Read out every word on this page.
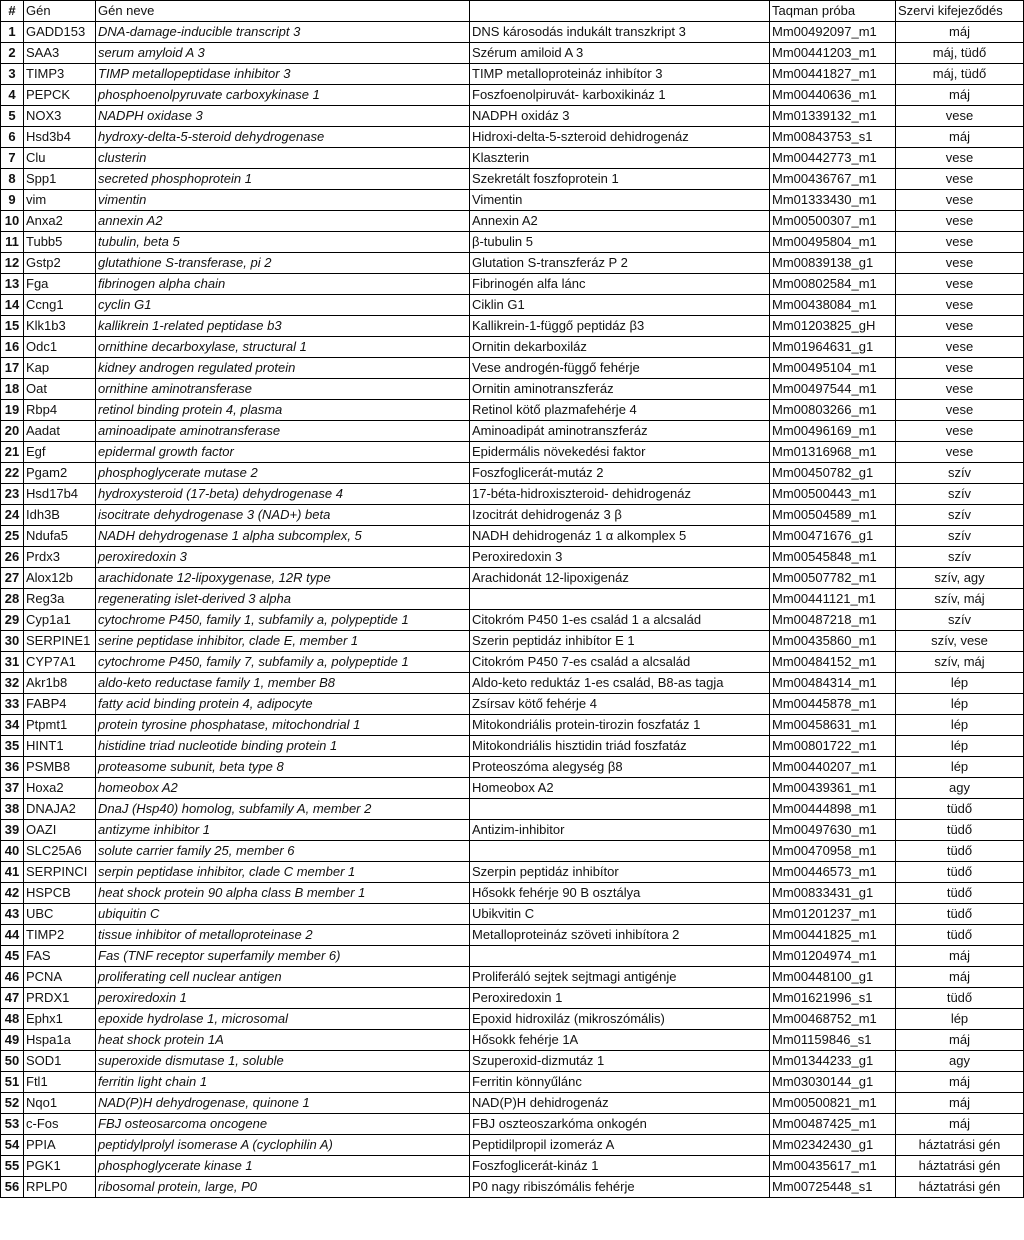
#	Gén	Gén neve		Taqman próba	Szervi kifejeződés
1	GADD153	DNA-damage-inducible transcript 3	DNS károsodás indukált transzkript 3	Mm00492097_m1	máj
2	SAA3	serum amyloid A 3	Szérum amiloid A 3	Mm00441203_m1	máj, tüdő
3	TIMP3	TIMP metallopeptidase inhibitor 3	TIMP metalloproteináz inhibítor 3	Mm00441827_m1	máj, tüdő
4	PEPCK	phosphoenolpyruvate carboxykinase 1	Foszfoenolpiruvát- karboxikináz 1	Mm00440636_m1	máj
5	NOX3	NADPH oxidase 3	NADPH oxidáz 3	Mm01339132_m1	vese
6	Hsd3b4	hydroxy-delta-5-steroid dehydrogenase	Hidroxi-delta-5-szteroid dehidrogenáz	Mm00843753_s1	máj
7	Clu	clusterin	Klaszterin	Mm00442773_m1	vese
8	Spp1	secreted phosphoprotein 1	Szekretált foszfoprotein 1	Mm00436767_m1	vese
9	vim	vimentin	Vimentin	Mm01333430_m1	vese
10	Anxa2	annexin A2	Annexin A2	Mm00500307_m1	vese
11	Tubb5	tubulin, beta 5	β-tubulin 5	Mm00495804_m1	vese
12	Gstp2	glutathione S-transferase, pi 2	Glutation S-transzferáz P 2	Mm00839138_g1	vese
13	Fga	fibrinogen alpha chain	Fibrinogén alfa lánc	Mm00802584_m1	vese
14	Ccng1	cyclin G1	Ciklin G1	Mm00438084_m1	vese
15	Klk1b3	kallikrein 1-related peptidase b3	Kallikrein-1-függő peptidáz β3	Mm01203825_gH	vese
16	Odc1	ornithine decarboxylase, structural 1	Ornitin dekarboxiláz	Mm01964631_g1	vese
17	Kap	kidney androgen regulated protein	Vese androgén-függő fehérje	Mm00495104_m1	vese
18	Oat	ornithine aminotransferase	Ornitin aminotranszferáz	Mm00497544_m1	vese
19	Rbp4	retinol binding protein 4, plasma	Retinol kötő plazmafehérje 4	Mm00803266_m1	vese
20	Aadat	aminoadipate aminotransferase	Aminoadipát aminotranszferáz	Mm00496169_m1	vese
21	Egf	epidermal growth factor	Epidermális növekedési faktor	Mm01316968_m1	vese
22	Pgam2	phosphoglycerate mutase 2	Foszfoglicerát-mutáz 2	Mm00450782_g1	szív
23	Hsd17b4	hydroxysteroid (17-beta) dehydrogenase 4	17-béta-hidroxiszteroid- dehidrogenáz	Mm00500443_m1	szív
24	Idh3B	isocitrate dehydrogenase 3 (NAD+) beta	Izocitrát dehidrogenáz 3 β	Mm00504589_m1	szív
25	Ndufa5	NADH dehydrogenase 1 alpha subcomplex, 5	NADH dehidrogenáz 1 α alkomplex 5	Mm00471676_g1	szív
26	Prdx3	peroxiredoxin 3	Peroxiredoxin 3	Mm00545848_m1	szív
27	Alox12b	arachidonate 12-lipoxygenase, 12R type	Arachidonát 12-lipoxigenáz	Mm00507782_m1	szív, agy
28	Reg3a	regenerating islet-derived 3 alpha		Mm00441121_m1	szív, máj
29	Cyp1a1	cytochrome P450, family 1, subfamily a, polypeptide 1	Citokróm P450 1-es család 1 a alcsalád	Mm00487218_m1	szív
30	SERPINE1	serine peptidase inhibitor, clade E, member 1	Szerin peptidáz inhibítor E 1	Mm00435860_m1	szív, vese
31	CYP7A1	cytochrome P450, family 7, subfamily a, polypeptide 1	Citokróm P450 7-es család a alcsalád	Mm00484152_m1	szív, máj
32	Akr1b8	aldo-keto reductase family 1, member B8	Aldo-keto reduktáz 1-es család, B8-as tagja	Mm00484314_m1	lép
33	FABP4	fatty acid binding protein 4, adipocyte	Zsírsav kötő fehérje 4	Mm00445878_m1	lép
34	Ptpmt1	protein tyrosine phosphatase, mitochondrial 1	Mitokondriális protein-tirozin foszfatáz 1	Mm00458631_m1	lép
35	HINT1	histidine triad nucleotide binding protein 1	Mitokondriális hisztidin triád foszfatáz	Mm00801722_m1	lép
36	PSMB8	proteasome subunit, beta type 8	Proteoszóma alegység β8	Mm00440207_m1	lép
37	Hoxa2	homeobox A2	Homeobox A2	Mm00439361_m1	agy
38	DNAJA2	DnaJ (Hsp40) homolog, subfamily A, member 2		Mm00444898_m1	tüdő
39	OAZI	antizyme inhibitor 1	Antizim-inhibitor	Mm00497630_m1	tüdő
40	SLC25A6	solute carrier family 25, member 6		Mm00470958_m1	tüdő
41	SERPINCI	serpin peptidase inhibitor, clade C member 1	Szerpin peptidáz inhibítor	Mm00446573_m1	tüdő
42	HSPCB	heat shock protein 90 alpha class B member 1	Hősokk fehérje 90 B osztálya	Mm00833431_g1	tüdő
43	UBC	ubiquitin C	Ubikvitin C	Mm01201237_m1	tüdő
44	TIMP2	tissue inhibitor of metalloproteinase 2	Metalloproteináz szöveti inhibítora 2	Mm00441825_m1	tüdő
45	FAS	Fas (TNF receptor superfamily member 6)		Mm01204974_m1	máj
46	PCNA	proliferating cell nuclear antigen	Proliferáló sejtek sejtmagi antigénje	Mm00448100_g1	máj
47	PRDX1	peroxiredoxin 1	Peroxiredoxin 1	Mm01621996_s1	tüdő
48	Ephx1	epoxide hydrolase 1, microsomal	Epoxid hidroxiláz (mikroszómális)	Mm00468752_m1	lép
49	Hspa1a	heat shock protein 1A	Hősokk fehérje 1A	Mm01159846_s1	máj
50	SOD1	superoxide dismutase 1, soluble	Szuperoxid-dizmutáz 1	Mm01344233_g1	agy
51	Ftl1	ferritin light chain 1	Ferritin könnyűlánc	Mm03030144_g1	máj
52	Nqo1	NAD(P)H dehydrogenase, quinone 1	NAD(P)H dehidrogenáz	Mm00500821_m1	máj
53	c-Fos	FBJ osteosarcoma oncogene	FBJ oszteoszarkóma onkogén	Mm00487425_m1	máj
54	PPIA	peptidylprolyl isomerase A (cyclophilin A)	Peptidilpropil izomeráz A	Mm02342430_g1	háztatrási gén
55	PGK1	phosphoglycerate kinase 1	Foszfoglicerát-kináz 1	Mm00435617_m1	háztatrási gén
56	RPLP0	ribosomal protein, large, P0	P0 nagy ribiszómális fehérje	Mm00725448_s1	háztatrási gén
